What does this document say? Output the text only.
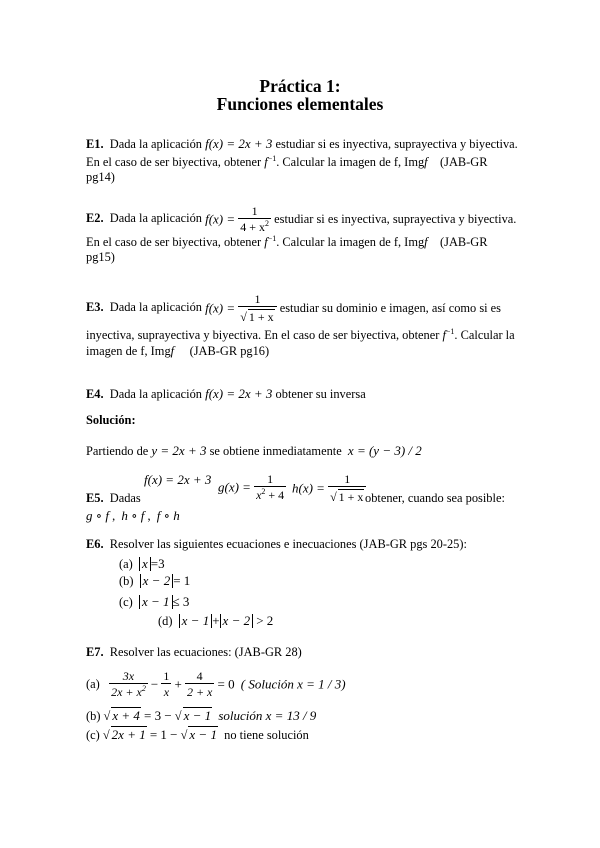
Práctica 1:
Funciones elementales
E1. Dada la aplicación f(x) = 2x + 3 estudiar si es inyectiva, suprayectiva y biyectiva.
En el caso de ser biyectiva, obtener $f^{-1}$. Calcular la imagen de f, Imgf (JAB-GR
pg14)
E2. Dada la aplicación $f(x) = \frac{1}{4 + x^2}$ estudiar si es inyectiva, suprayectiva y biyectiva.
En el caso de ser biyectiva, obtener $f^{-1}$. Calcular la imagen de f, Imgf (JAB-GR
pg15)
E3. Dada la aplicación $f(x) = \frac{1}{√ 1 + x}$ estudiar su dominio e imagen, así como si es
inyectiva, suprayectiva y biyectiva. En el caso de ser biyectiva, obtener $f^{-1}$. Calcular la
imagen de f, Imgf (JAB-GR pg16)
E4. Dada la aplicación f(x) = 2x + 3 obtener su inversa
Solución:
Partiendo de y = 2x + 3 se obtiene inmediatamente x = (y − 3) / 2
f(x) = 2x + 3 $g(x) = \frac{1}{x^2 + 4} h(x) = \frac{1}{√ 1 + x}$
E5. Dadas	obtener, cuando sea posible:
g ∘ f ,  h ∘ f ,  f ∘ h
E6. Resolver las siguientes ecuaciones e inecuaciones (JAB-GR pgs 20-25):
(a) x =3
(b) x − 2 = 1
(c) x − 1 ≤ 3
(d) x − 1 + x − 2 > 2
E7. Resolver las ecuaciones: (JAB-GR 28)
$(a) \frac{3x}{2x + x^2} - \frac{1}{x} + \frac{4}{2 + x} = 0$ ( Solución x = 1 / 3)
(b) √ x + 4 = 3 − √ x − 1 solución x = 13 / 9
(c) √ 2x + 1 = 1 − √ x − 1 no tiene solución
